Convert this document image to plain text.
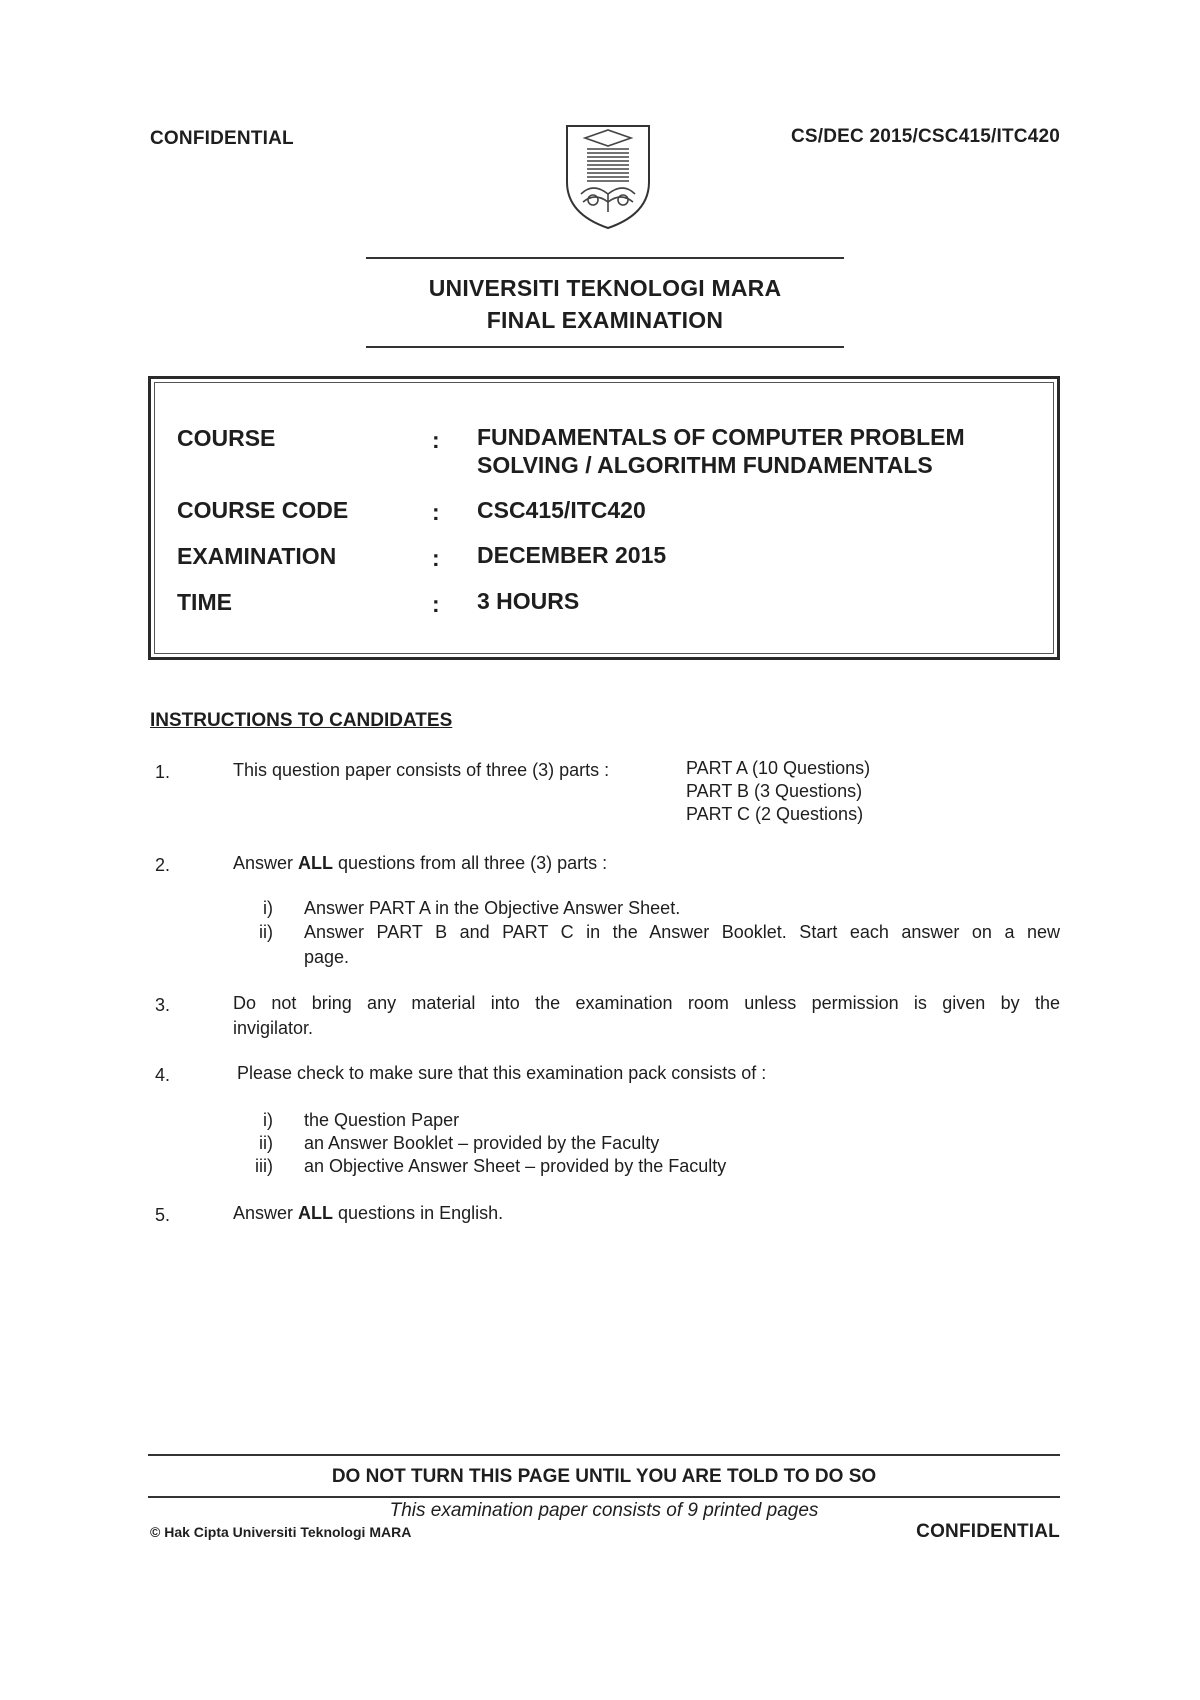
CONFIDENTIAL	CS/DEC 2015/CSC415/ITC420
UNIVERSITI TEKNOLOGI MARA
FINAL EXAMINATION
COURSE	: FUNDAMENTALS OF COMPUTER PROBLEM
SOLVING / ALGORITHM FUNDAMENTALS
COURSE CODE	: CSC415/ITC420
EXAMINATION	: DECEMBER 2015
TIME	: 3 HOURS
INSTRUCTIONS TO CANDIDATES
1.	This question paper consists of three (3) parts :	PART A (10 Questions)
PART B (3 Questions)
PART C (2 Questions)
2.	Answer ALL questions from all three (3) parts :
i) Answer PART A in the Objective Answer Sheet.
ii) Answer PART B and PART C in the Answer Booklet. Start each answer on a new
page.
3.	Do not bring any material into the examination room unless permission is given by the
invigilator.
4.	Please check to make sure that this examination pack consists of :
i) the Question Paper
ii) an Answer Booklet – provided by the Faculty
iii) an Objective Answer Sheet – provided by the Faculty
5.	Answer ALL questions in English.
DO NOT TURN THIS PAGE UNTIL YOU ARE TOLD TO DO SO
This examination paper consists of 9 printed pages
© Hak Cipta Universiti Teknologi MARA	CONFIDENTIAL
